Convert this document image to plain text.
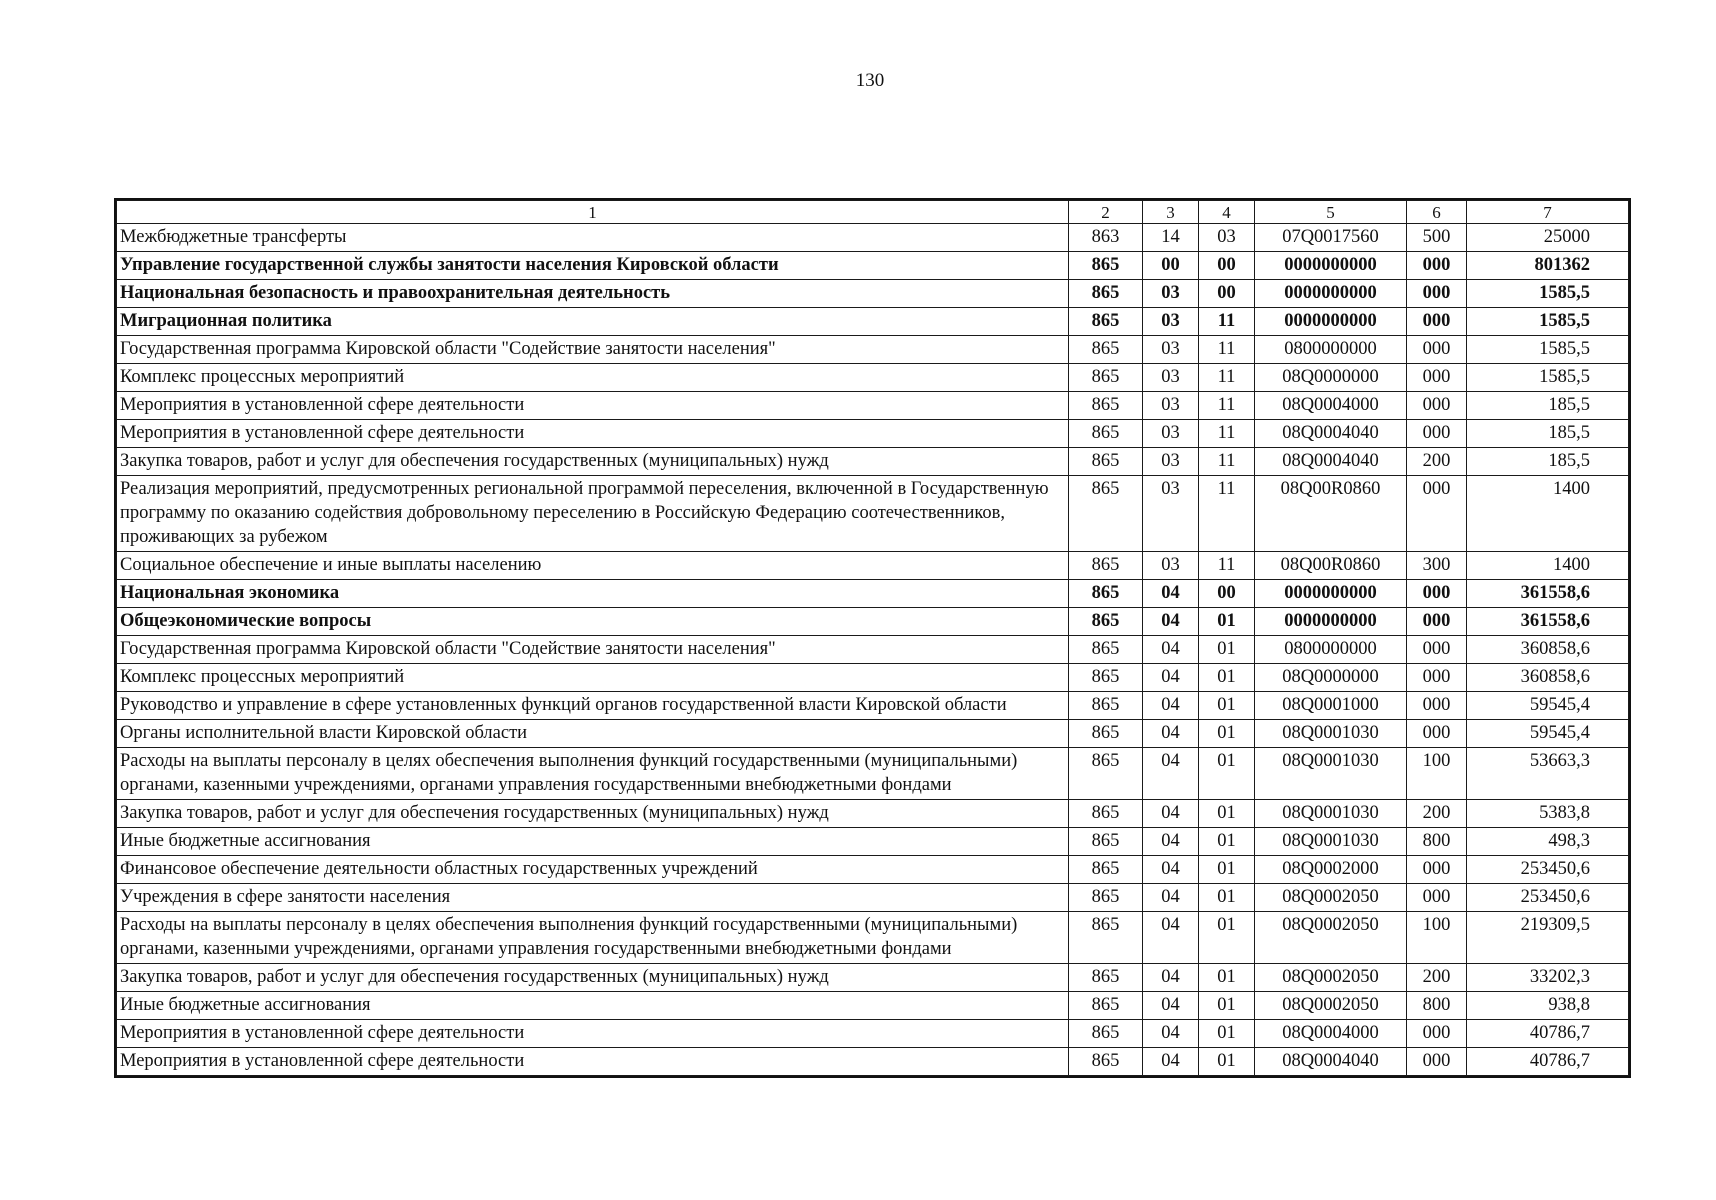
130
1	2	3	4	5	6	7
Межбюджетные трансферты	863	14	03	07Q0017560	500	25000
Управление государственной службы занятости населения Кировской области	865	00	00	0000000000	000	801362
Национальная безопасность и правоохранительная деятельность	865	03	00	0000000000	000	1585,5
Миграционная политика	865	03	11	0000000000	000	1585,5
Государственная программа Кировской области "Содействие занятости населения"	865	03	11	0800000000	000	1585,5
Комплекс процессных мероприятий	865	03	11	08Q0000000	000	1585,5
Мероприятия в установленной сфере деятельности	865	03	11	08Q0004000	000	185,5
Мероприятия в установленной сфере деятельности	865	03	11	08Q0004040	000	185,5
Закупка товаров, работ и услуг для обеспечения государственных (муниципальных) нужд	865	03	11	08Q0004040	200	185,5
Реализация мероприятий, предусмотренных региональной программой переселения, включенной в Государственную программу по оказанию содействия добровольному переселению в Российскую Федерацию соотечественников, проживающих за рубежом	865	03	11	08Q00R0860	000	1400
Социальное обеспечение и иные выплаты населению	865	03	11	08Q00R0860	300	1400
Национальная экономика	865	04	00	0000000000	000	361558,6
Общеэкономические вопросы	865	04	01	0000000000	000	361558,6
Государственная программа Кировской области "Содействие занятости населения"	865	04	01	0800000000	000	360858,6
Комплекс процессных мероприятий	865	04	01	08Q0000000	000	360858,6
Руководство и управление в сфере установленных функций органов государственной власти Кировской области	865	04	01	08Q0001000	000	59545,4
Органы исполнительной власти Кировской области	865	04	01	08Q0001030	000	59545,4
Расходы на выплаты персоналу в целях обеспечения выполнения функций государственными (муниципальными) органами, казенными учреждениями, органами управления государственными внебюджетными фондами	865	04	01	08Q0001030	100	53663,3
Закупка товаров, работ и услуг для обеспечения государственных (муниципальных) нужд	865	04	01	08Q0001030	200	5383,8
Иные бюджетные ассигнования	865	04	01	08Q0001030	800	498,3
Финансовое обеспечение деятельности областных государственных учреждений	865	04	01	08Q0002000	000	253450,6
Учреждения в сфере занятости населения	865	04	01	08Q0002050	000	253450,6
Расходы на выплаты персоналу в целях обеспечения выполнения функций государственными (муниципальными) органами, казенными учреждениями, органами управления государственными внебюджетными фондами	865	04	01	08Q0002050	100	219309,5
Закупка товаров, работ и услуг для обеспечения государственных (муниципальных) нужд	865	04	01	08Q0002050	200	33202,3
Иные бюджетные ассигнования	865	04	01	08Q0002050	800	938,8
Мероприятия в установленной сфере деятельности	865	04	01	08Q0004000	000	40786,7
Мероприятия в установленной сфере деятельности	865	04	01	08Q0004040	000	40786,7
